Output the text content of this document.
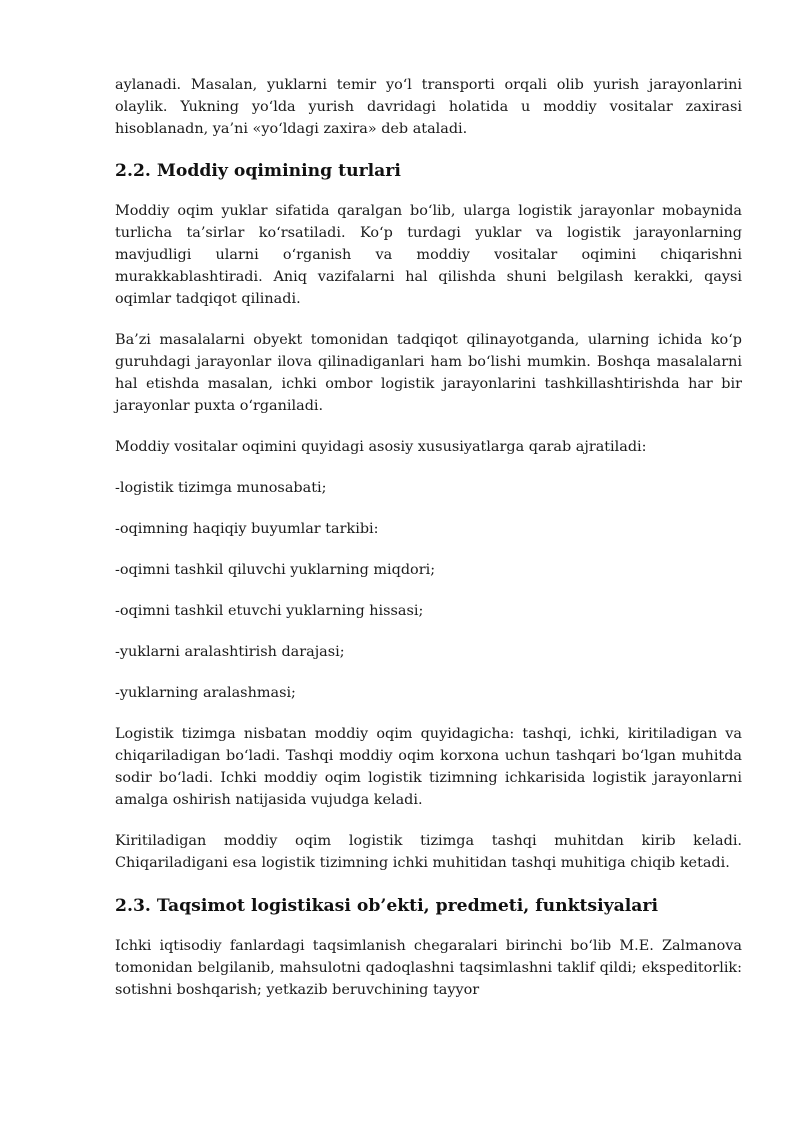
aylanadi. Masalan, yuklarni temir yo‘l transporti orqali olib yurish jarayonlarini olaylik. Yukning yo‘lda yurish davridagi holatida u moddiy vositalar zaxirasi hisoblanadn, ya’ni «yo‘ldagi zaxira» deb ataladi.

2.2. Moddiy oqimining turlari

Moddiy oqim yuklar sifatida qaralgan bo‘lib, ularga logistik jarayonlar mobaynida turlicha ta’sirlar ko‘rsatiladi. Ko‘p turdagi yuklar va logistik jarayonlarning mavjudligi ularni o‘rganish va moddiy vositalar oqimini chiqarishni murakkablashtiradi. Aniq vazifalarni hal qilishda shuni belgilash kerakki, qaysi oqimlar tadqiqot qilinadi.

Ba’zi masalalarni obyekt tomonidan tadqiqot qilinayotganda, ularning ichida ko‘p guruhdagi jarayonlar ilova qilinadiganlari ham bo‘lishi mumkin. Boshqa masalalarni hal etishda masalan, ichki ombor logistik jarayonlarini tashkillashtirishda har bir jarayonlar puxta o‘rganiladi.

Moddiy vositalar oqimini quyidagi asosiy xususiyatlarga qarab ajratiladi:

-logistik tizimga munosabati;

-oqimning haqiqiy buyumlar tarkibi:

-oqimni tashkil qiluvchi yuklarning miqdori;

-oqimni tashkil etuvchi yuklarning hissasi;

-yuklarni aralashtirish darajasi;

-yuklarning aralashmasi;

Logistik tizimga nisbatan moddiy oqim quyidagicha: tashqi, ichki, kiritiladigan va chiqariladigan bo‘ladi. Tashqi moddiy oqim korxona uchun tashqari bo‘lgan muhitda sodir bo‘ladi. Ichki moddiy oqim logistik tizimning ichkarisida logistik jarayonlarni amalga oshirish natijasida vujudga keladi.

Kiritiladigan moddiy oqim logistik tizimga tashqi muhitdan kirib keladi. Chiqariladigani esa logistik tizimning ichki muhitidan tashqi muhitiga chiqib ketadi.

2.3. Taqsimot logistikasi ob’ekti, predmeti, funktsiyalari

Ichki iqtisodiy fanlardagi taqsimlanish chegaralari birinchi bo‘lib M.E. Zalmanova tomonidan belgilanib, mahsulotni qadoqlashni taqsimlashni taklif qildi; ekspeditorlik: sotishni boshqarish; yetkazib beruvchining tayyor
